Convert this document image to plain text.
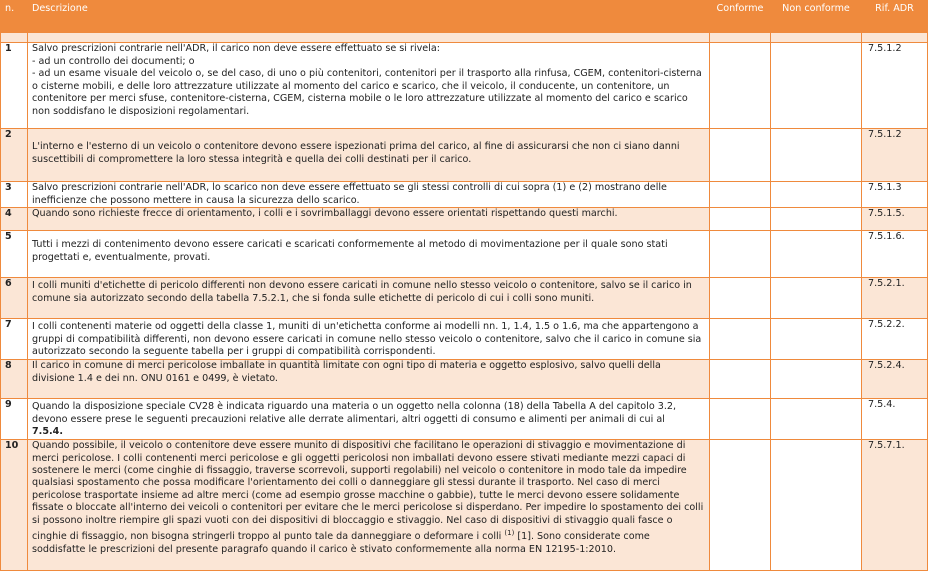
n.	Descrizione	Conforme	Non conforme	Rif. ADR

1	Salvo prescrizioni contrarie nell'ADR, il carico non deve essere effettuato se si rivela:

- ad un controllo dei documenti; o

- ad un esame visuale del veicolo o, se del caso, di uno o più contenitori, contenitori per il trasporto alla rinfusa, CGEM, contenitori-cisterna o cisterne mobili, e delle loro attrezzature utilizzate al momento del carico e scarico, che il veicolo, il conducente, un contenitore, un contenitore per merci sfuse, contenitore-cisterna, CGEM, cisterna mobile o le loro attrezzature utilizzate al momento del carico e scarico non soddisfano le disposizioni regolamentari.			7.5.1.2
2	L'interno e l'esterno di un veicolo o contenitore devono essere ispezionati prima del carico, al fine di assicurarsi che non ci siano danni suscettibili di compromettere la loro stessa integrità e quella dei colli destinati per il carico.			7.5.1.2
3	Salvo prescrizioni contrarie nell'ADR, lo scarico non deve essere effettuato se gli stessi controlli di cui sopra (1) e (2) mostrano delle inefficienze che possono mettere in causa la sicurezza dello scarico.			7.5.1.3
4	Quando sono richieste frecce di orientamento, i colli e i sovrimballaggi devono essere orientati rispettando questi marchi.			7.5.1.5.
5	Tutti i mezzi di contenimento devono essere caricati e scaricati conformemente al metodo di movimentazione per il quale sono stati progettati e, eventualmente, provati.			7.5.1.6.
6	I colli muniti d'etichette di pericolo differenti non devono essere caricati in comune nello stesso veicolo o contenitore, salvo se il carico in comune sia autorizzato secondo della tabella 7.5.2.1, che si fonda sulle etichette di pericolo di cui i colli sono muniti.			7.5.2.1.
7	I colli contenenti materie od oggetti della classe 1, muniti di un'etichetta conforme ai modelli nn. 1, 1.4, 1.5 o 1.6, ma che appartengono a gruppi di compatibilità differenti, non devono essere caricati in comune nello stesso veicolo o contenitore, salvo che il carico in comune sia autorizzato secondo la seguente tabella per i gruppi di compatibilità corrispondenti.			7.5.2.2.
8	Il carico in comune di merci pericolose imballate in quantità limitate con ogni tipo di materia e oggetto esplosivo, salvo quelli della divisione 1.4 e dei nn. ONU 0161 e 0499, è vietato.			7.5.2.4.
9	Quando la disposizione speciale CV28 è indicata riguardo una materia o un oggetto nella colonna (18) della Tabella A del capitolo 3.2, devono essere prese le seguenti precauzioni relative alle derrate alimentari, altri oggetti di consumo e alimenti per animali di cui al
7.5.4.			7.5.4.
10	Quando possibile, il veicolo o contenitore deve essere munito di dispositivi che facilitano le operazioni di stivaggio e movimentazione di merci pericolose. I colli contenenti merci pericolose e gli oggetti pericolosi non imballati devono essere stivati mediante mezzi capaci di sostenere le merci (come cinghie di fissaggio, traverse scorrevoli, supporti regolabili) nel veicolo o contenitore in modo tale da impedire qualsiasi spostamento che possa modificare l'orientamento dei colli o danneggiare gli stessi durante il trasporto. Nel caso di merci pericolose trasportate insieme ad altre merci (come ad esempio grosse macchine o gabbie), tutte le merci devono essere solidamente fissate o bloccate all'interno dei veicoli o contenitori per evitare che le merci pericolose si disperdano. Per impedire lo spostamento dei colli si possono inoltre riempire gli spazi vuoti con dei dispositivi di bloccaggio e stivaggio. Nel caso di dispositivi di stivaggio quali fasce o cinghie di fissaggio, non bisogna stringerli troppo al punto tale da danneggiare o deformare i colli $^{(1)}$ [1]. Sono considerate come soddisfatte le prescrizioni del presente paragrafo quando il carico è stivato conformemente alla norma EN 12195-1:2010.			7.5.7.1.
